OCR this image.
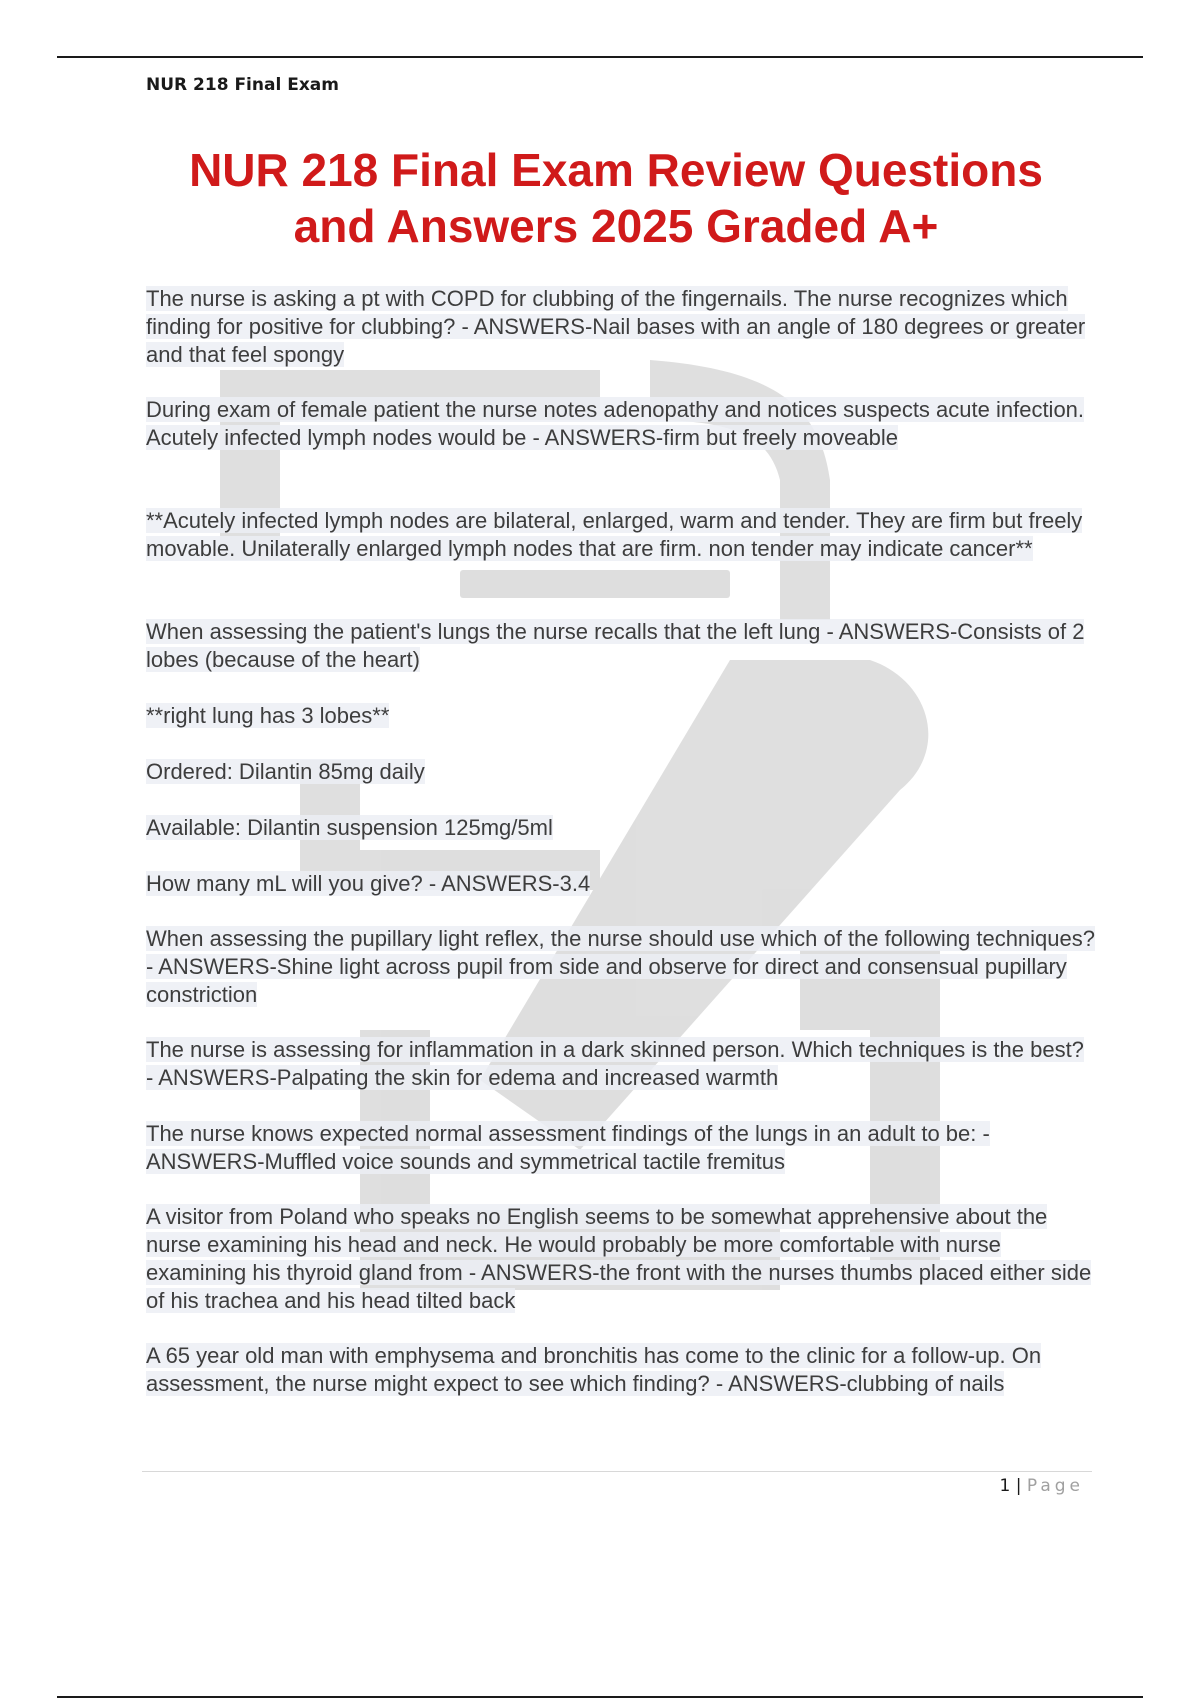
NUR 218 Final Exam
NUR 218 Final Exam Review Questions
and Answers 2025 Graded A+

The nurse is asking a pt with COPD for clubbing of the fingernails. The nurse recognizes which finding for positive for clubbing? - ANSWERS-Nail bases with an angle of 180 degrees or greater and that feel spongy

During exam of female patient the nurse notes adenopathy and notices suspects acute infection. Acutely infected lymph nodes would be - ANSWERS-firm but freely moveable

**Acutely infected lymph nodes are bilateral, enlarged, warm and tender. They are firm but freely movable. Unilaterally enlarged lymph nodes that are firm. non tender may indicate cancer**

When assessing the patient's lungs the nurse recalls that the left lung - ANSWERS-Consists of 2 lobes (because of the heart)

**right lung has 3 lobes**

Ordered: Dilantin 85mg daily

Available: Dilantin suspension 125mg/5ml

How many mL will you give? - ANSWERS-3.4

When assessing the pupillary light reflex, the nurse should use which of the following techniques? - ANSWERS-Shine light across pupil from side and observe for direct and consensual pupillary constriction

The nurse is assessing for inflammation in a dark skinned person. Which techniques is the best? - ANSWERS-Palpating the skin for edema and increased warmth

The nurse knows expected normal assessment findings of the lungs in an adult to be: - ANSWERS-Muffled voice sounds and symmetrical tactile fremitus

A visitor from Poland who speaks no English seems to be somewhat apprehensive about the nurse examining his head and neck. He would probably be more comfortable with nurse examining his thyroid gland from - ANSWERS-the front with the nurses thumbs placed either side of his trachea and his head tilted back

A 65 year old man with emphysema and bronchitis has come to the clinic for a follow-up. On assessment, the nurse might expect to see which finding? - ANSWERS-clubbing of nails

1 | Page
